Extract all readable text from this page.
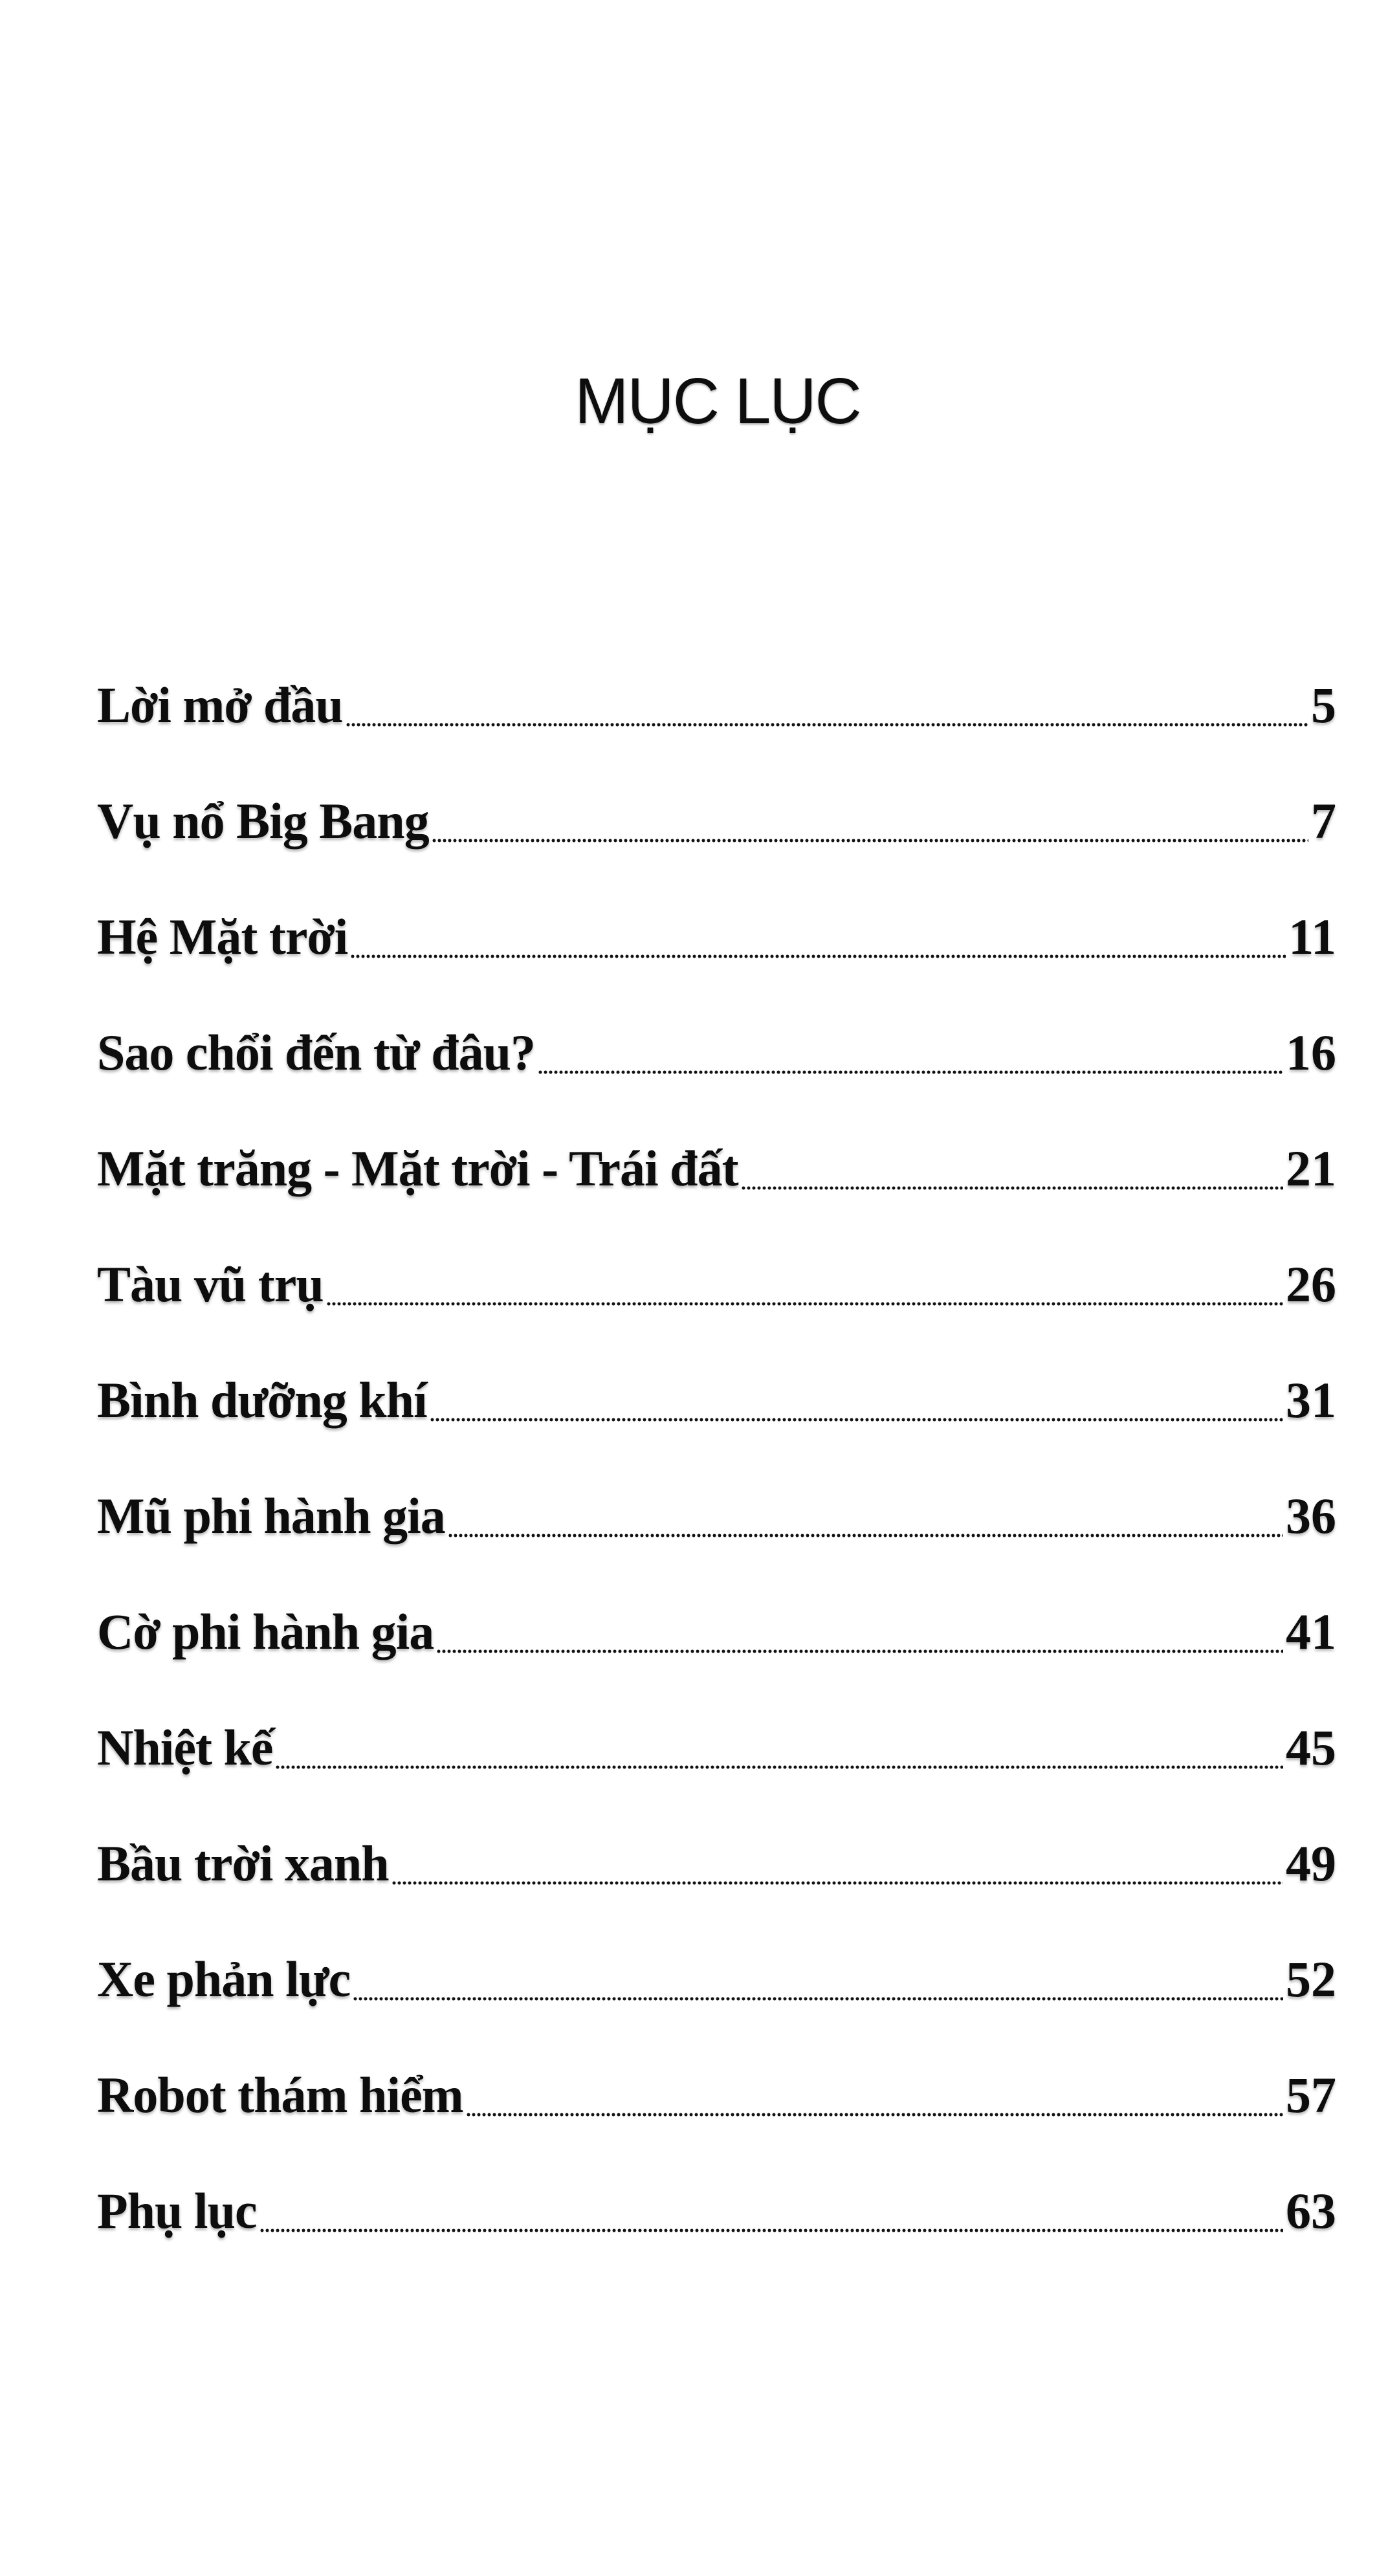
MỤC LỤC
Lời mở đầu	5
Vụ nổ Big Bang	7
Hệ Mặt trời	11
Sao chổi đến từ đâu?	16
Mặt trăng - Mặt trời - Trái đất	21
Tàu vũ trụ	26
Bình dưỡng khí	31
Mũ phi hành gia	36
Cờ phi hành gia	41
Nhiệt kế	45
Bầu trời xanh	49
Xe phản lực	52
Robot thám hiểm	57
Phụ lục	63
